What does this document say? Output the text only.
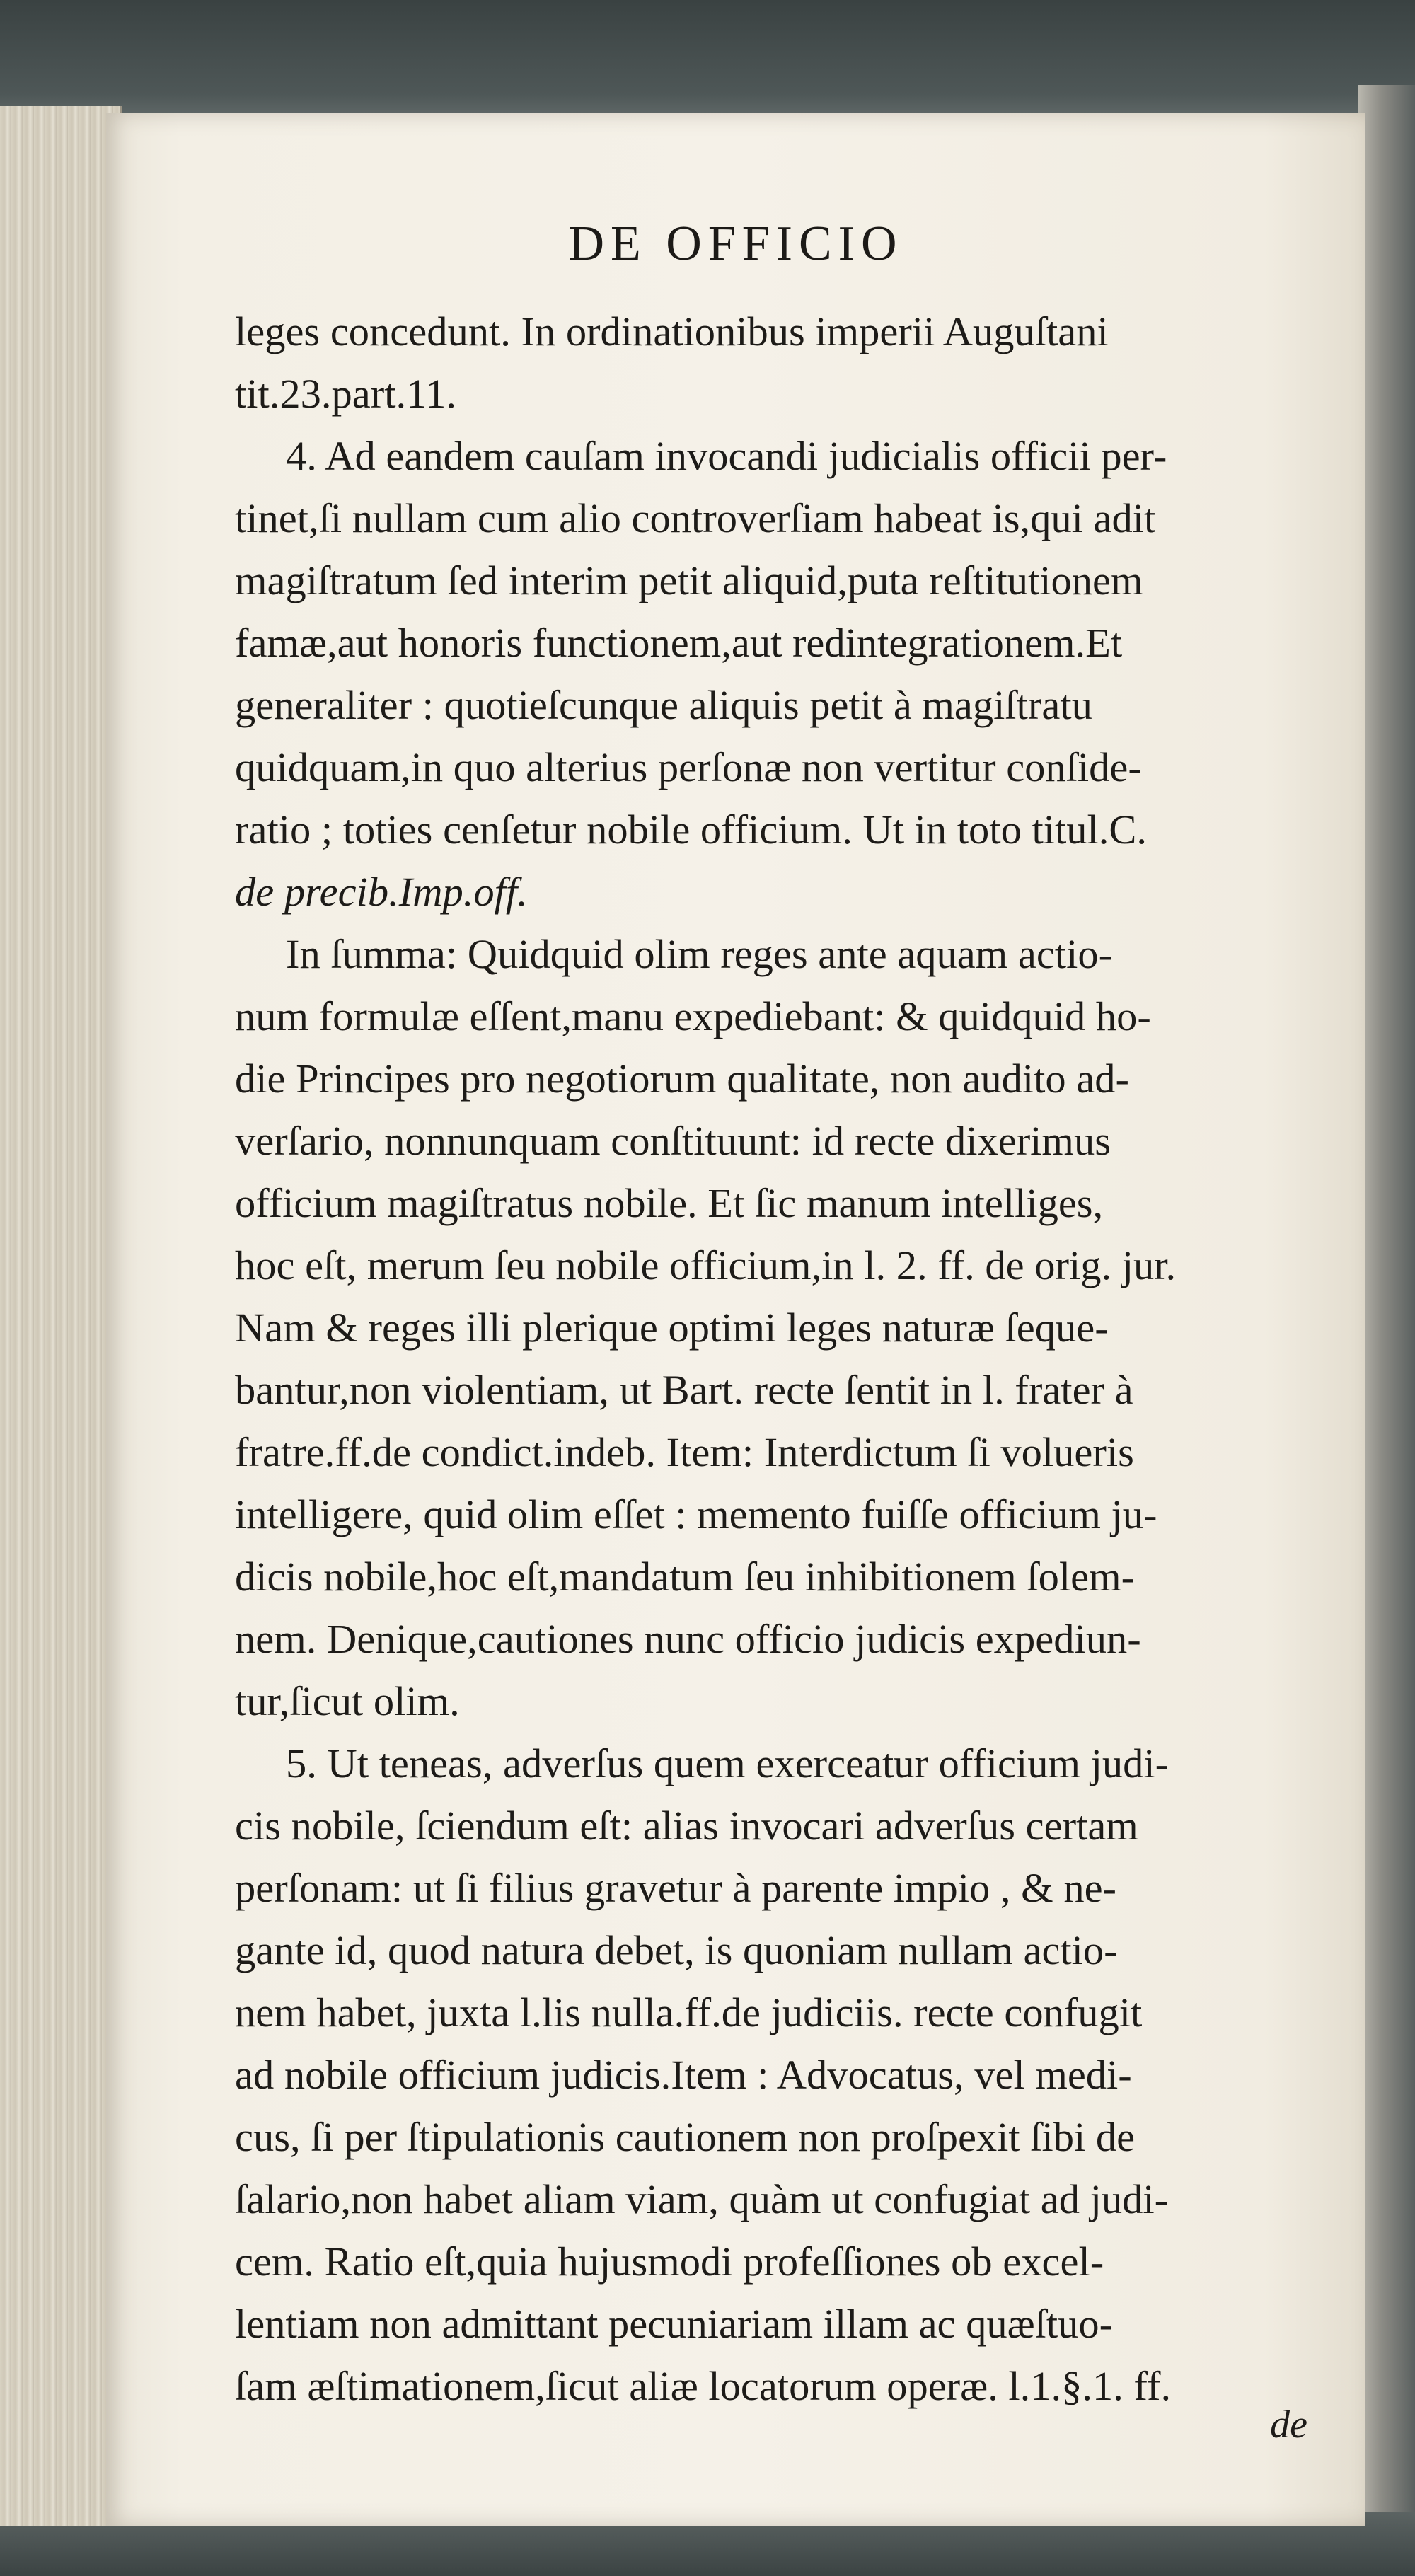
DE OFFICIO
leges concedunt. In ordinationibus imperii Auguſtani
tit.23.part.11.
4. Ad eandem cauſam invocandi judicialis officii per-
tinet,ſi nullam cum alio controverſiam habeat is,qui adit
magiſtratum ſed interim petit aliquid,puta reſtitutionem
famæ,aut honoris functionem,aut redintegrationem.Et
generaliter : quotieſcunque aliquis petit à magiſtratu
quidquam,in quo alterius perſonæ non vertitur conſide-
ratio ; toties cenſetur nobile officium. Ut in toto titul.C.
de precib.Imp.off.
In ſumma: Quidquid olim reges ante aquam actio-
num formulæ eſſent,manu expediebant: & quidquid ho-
die Principes pro negotiorum qualitate, non audito ad-
verſario, nonnunquam conſtituunt: id recte dixerimus
officium magiſtratus nobile. Et ſic manum intelliges,
hoc eſt, merum ſeu nobile officium,in l. 2. ff. de orig. jur.
Nam & reges illi plerique optimi leges naturæ ſeque-
bantur,non violentiam, ut Bart. recte ſentit in l. frater à
fratre.ff.de condict.indeb. Item: Interdictum ſi volueris
intelligere, quid olim eſſet : memento fuiſſe officium ju-
dicis nobile,hoc eſt,mandatum ſeu inhibitionem ſolem-
nem. Denique,cautiones nunc officio judicis expediun-
tur,ſicut olim.
5. Ut teneas, adverſus quem exerceatur officium judi-
cis nobile, ſciendum eſt: alias invocari adverſus certam
perſonam: ut ſi filius gravetur à parente impio , & ne-
gante id, quod natura debet, is quoniam nullam actio-
nem habet, juxta l.lis nulla.ff.de judiciis. recte confugit
ad nobile officium judicis.Item : Advocatus, vel medi-
cus, ſi per ſtipulationis cautionem non proſpexit ſibi de
ſalario,non habet aliam viam, quàm ut confugiat ad judi-
cem. Ratio eſt,quia hujusmodi profeſſiones ob excel-
lentiam non admittant pecuniariam illam ac quæſtuo-
ſam æſtimationem,ſicut aliæ locatorum operæ. l.1.§.1. ff.
de
